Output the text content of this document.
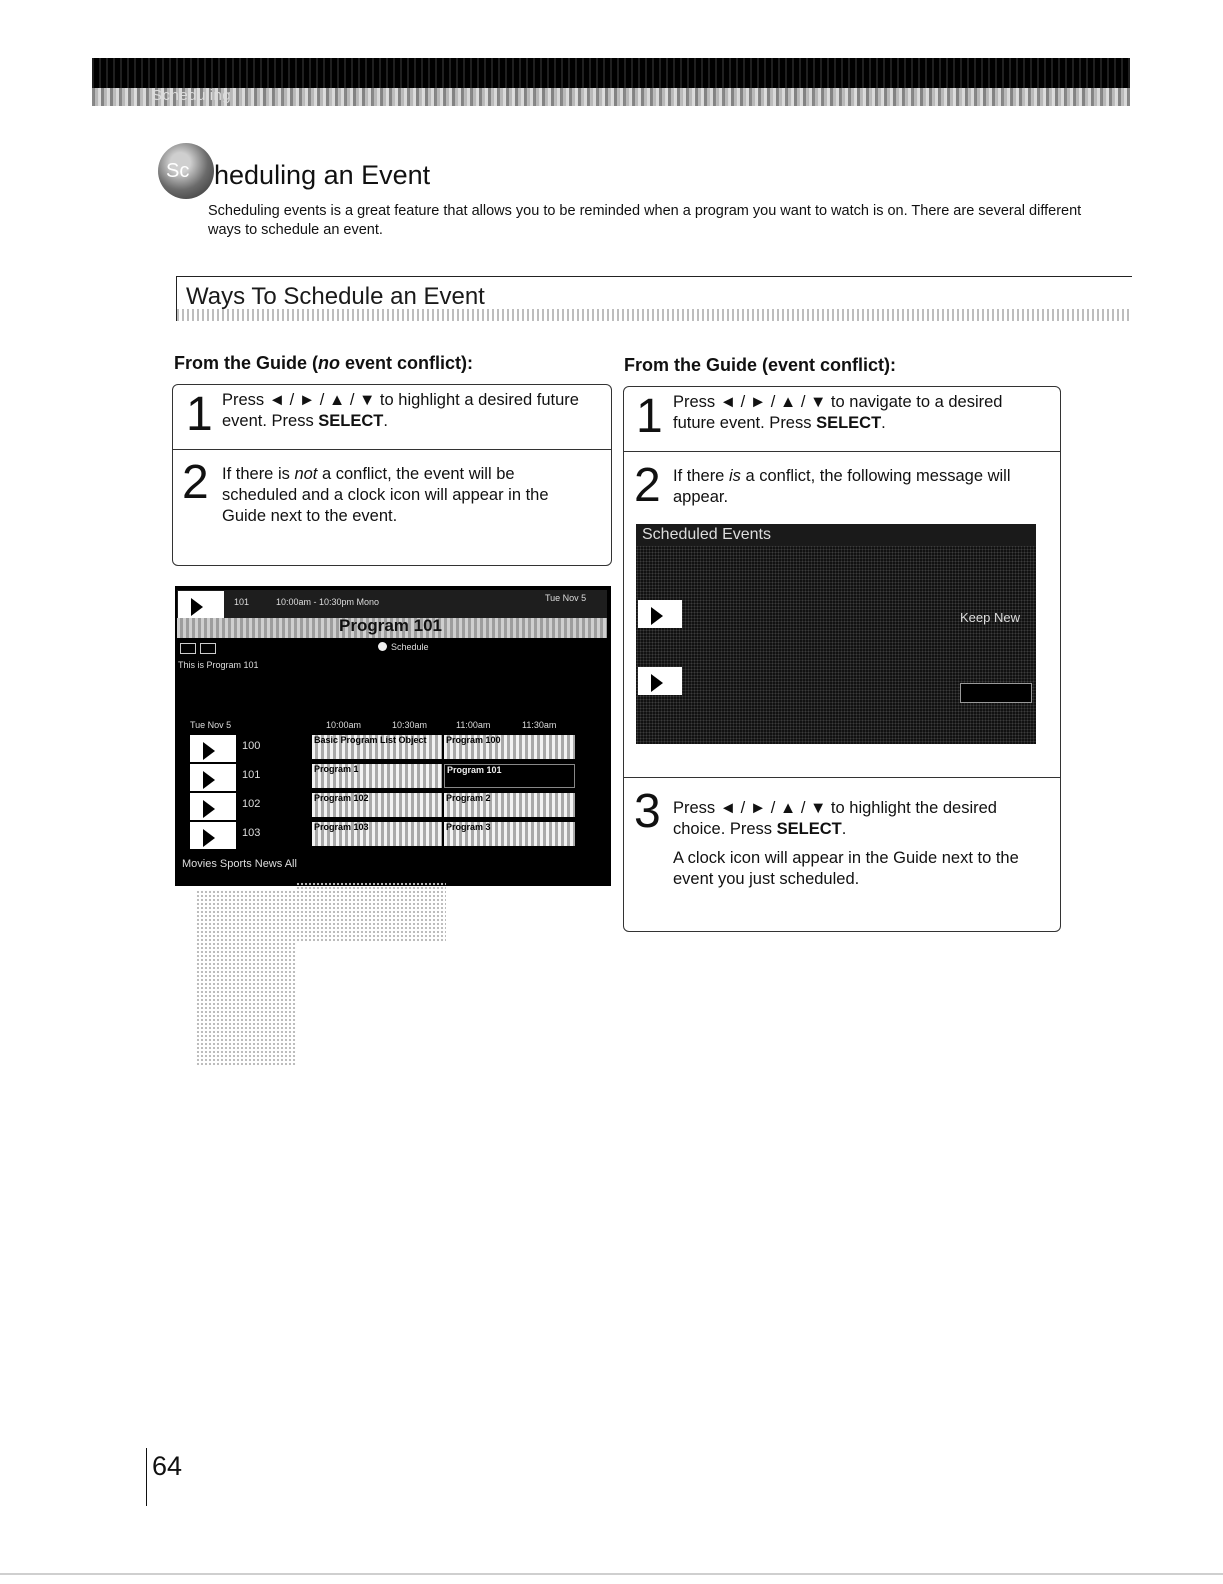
Scheduling
Sc heduling an Event
Scheduling events is a great feature that allows you to be reminded when a program you want to watch is on. There are several different ways to schedule an event.
Ways To Schedule an Event
From the Guide (no event conflict):
1 Press ◄ / ► / ▲ / ▼ to highlight a desired future event. Press SELECT.
2 If there is not a conflict, the event will be scheduled and a clock icon will appear in the Guide next to the event.
101	10:00am - 10:30pm Mono	Tue Nov 5
Program 101
Schedule
This is Program 101
Tue Nov 5	10:00am	10:30am	11:00am	11:30am
100	Basic Program List Object	Program 100
101	Program 1	Program 101
102	Program 102	Program 2
103	Program 103	Program 3
Movies Sports News All
From the Guide (event conflict):
1 Press ◄ / ► / ▲ / ▼ to navigate to a desired future event. Press SELECT.
2 If there is a conflict, the following message will appear.
Scheduled Events
Keep New
3 Press ◄ / ► / ▲ / ▼ to highlight the desired choice. Press SELECT.
A clock icon will appear in the Guide next to the event you just scheduled.
64
